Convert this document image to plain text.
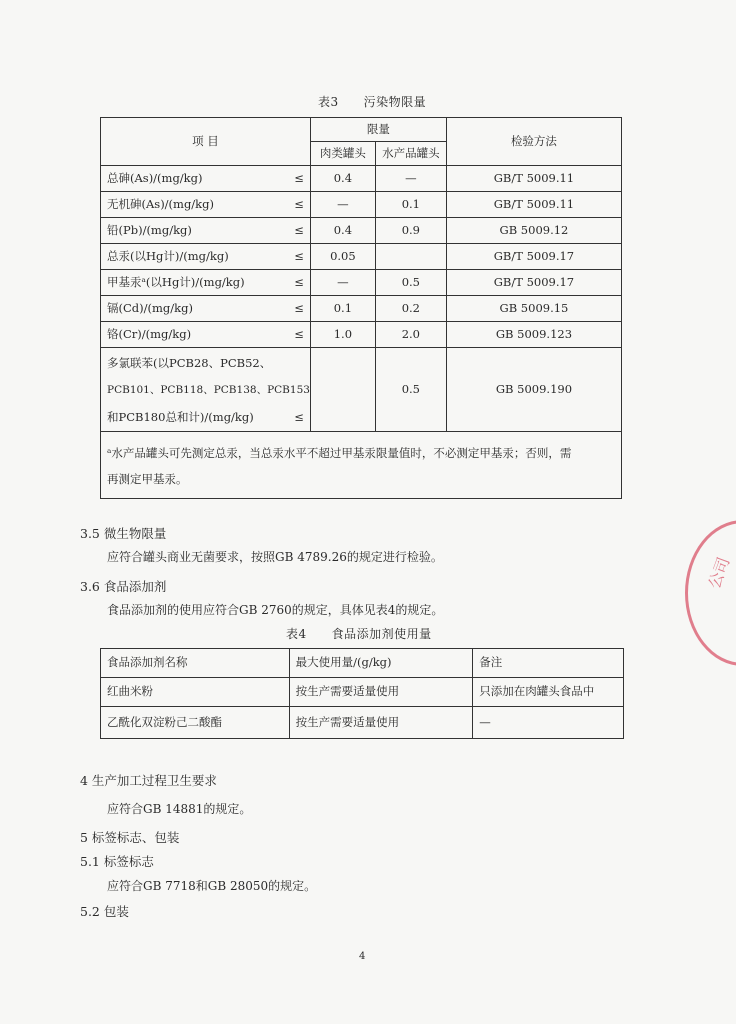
表3　　污染物限量
项 目	限量		检验方法
	肉类罐头	水产品罐头	

总砷(As)/(mg/kg) ≤	0.4	—	GB/T 5009.11

无机砷(As)/(mg/kg) ≤	—	0.1	GB/T 5009.11

铅(Pb)/(mg/kg) ≤	0.4	0.9	GB 5009.12

总汞(以Hg计)/(mg/kg) ≤	0.05		GB/T 5009.17

甲基汞ᵃ(以Hg计)/(mg/kg) ≤	—	0.5	GB/T 5009.17

镉(Cd)/(mg/kg) ≤	0.1	0.2	GB 5009.15

铬(Cr)/(mg/kg) ≤	1.0	2.0	GB 5009.123

多氯联苯(以PCB28、PCB52、
PCB101、PCB118、PCB138、PCB153
和PCB180总和计)/(mg/kg) ≤		0.5	GB 5009.190

ᵃ水产品罐头可先测定总汞，当总汞水平不超过甲基汞限量值时，不必测定甲基汞；否则，需
再测定甲基汞。			
3.5 微生物限量
应符合罐头商业无菌要求，按照GB 4789.26的规定进行检验。
3.6 食品添加剂
食品添加剂的使用应符合GB 2760的规定，具体见表4的规定。
表4　　食品添加剂使用量
食品添加剂名称	最大使用量/(g/kg)	备注
红曲米粉	按生产需要适量使用	只添加在肉罐头食品中
乙酰化双淀粉己二酸酯	按生产需要适量使用	—
4 生产加工过程卫生要求
应符合GB 14881的规定。
5 标签标志、包装
5.1 标签标志
应符合GB 7718和GB 28050的规定。
5.2 包装
4
公司
